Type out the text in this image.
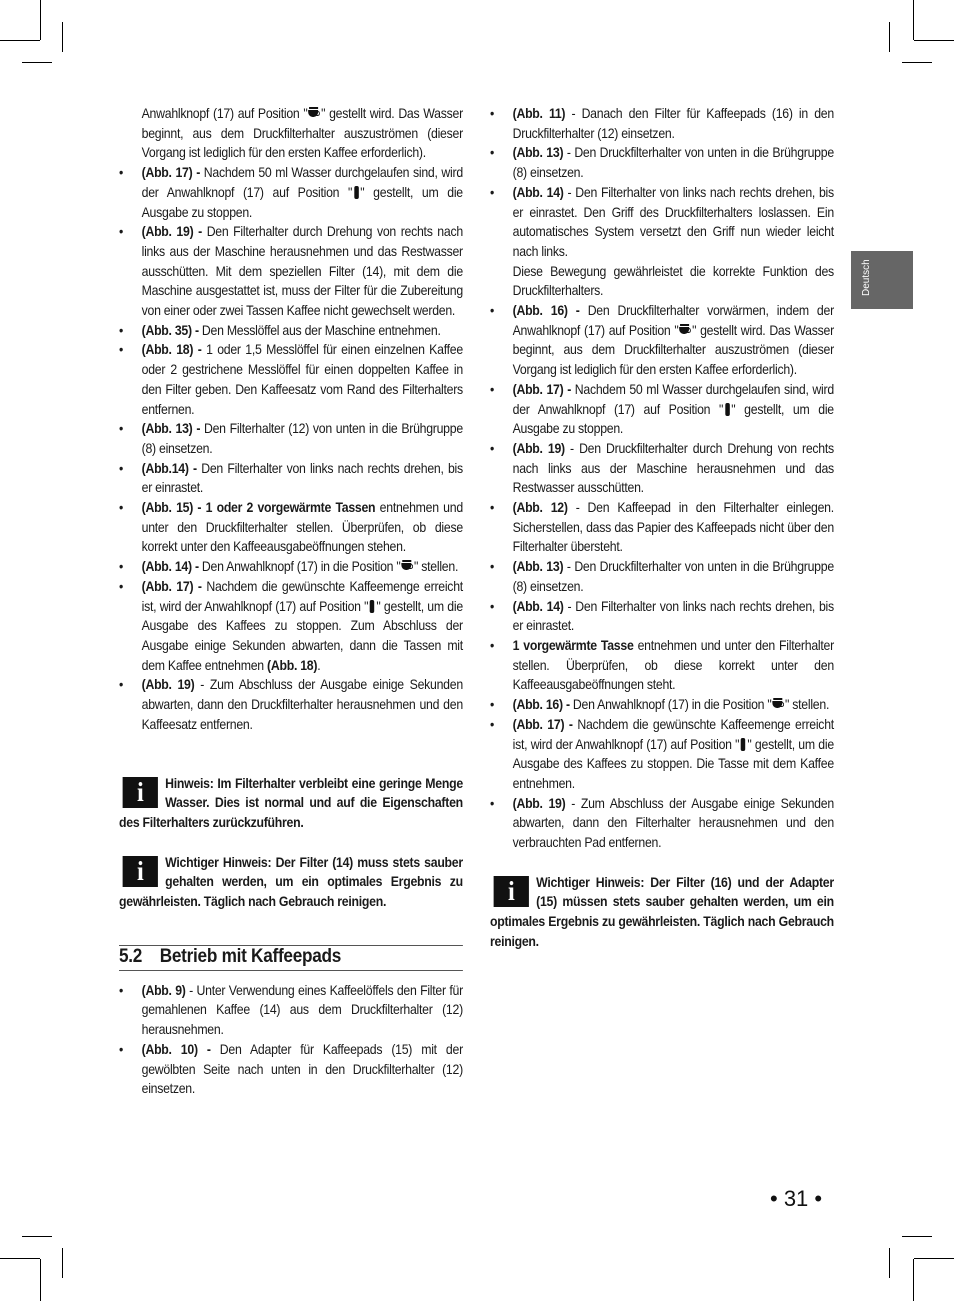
Deutsch
Anwahlknopf (17) auf Position " " gestellt wird. Das Wasser beginnt, aus dem Druckfilterhalter auszuströmen (dieser Vorgang ist lediglich für den ersten Kaffee erforderlich).
• (Abb. 17) - Nachdem 50 ml Wasser durchgelaufen sind, wird der Anwahlknopf (17) auf Position " " gestellt, um die Ausgabe zu stoppen.
• (Abb. 19) - Den Filterhalter durch Drehung von rechts nach links aus der Maschine herausnehmen und das Restwasser ausschütten. Mit dem speziellen Filter (14), mit dem die Maschine ausgestattet ist, muss der Filter für die Zubereitung von einer oder zwei Tassen Kaffee nicht gewechselt werden.
• (Abb. 35) - Den Messlöffel aus der Maschine entnehmen.
• (Abb. 18) - 1 oder 1,5 Messlöffel für einen einzelnen Kaffee oder 2 gestrichene Messlöffel für einen doppelten Kaffee in den Filter geben. Den Kaffeesatz vom Rand des Filterhalters entfernen.
• (Abb. 13) - Den Filterhalter (12) von unten in die Brühgruppe (8) einsetzen.
• (Abb.14) - Den Filterhalter von links nach rechts drehen, bis er einrastet.
• (Abb. 15) - 1 oder 2 vorgewärmte Tassen entnehmen und unter den Druckfilterhalter stellen. Überprüfen, ob diese korrekt unter den Kaffeeausgabeöffnungen stehen.
• (Abb. 14) - Den Anwahlknopf (17) in die Position " " stellen.
• (Abb. 17) - Nachdem die gewünschte Kaffeemenge erreicht ist, wird der Anwahlknopf (17) auf Position " " gestellt, um die Ausgabe des Kaffees zu stoppen. Zum Abschluss der Ausgabe einige Sekunden abwarten, dann die Tassen mit dem Kaffee entnehmen (Abb. 18).
• (Abb. 19) - Zum Abschluss der Ausgabe einige Sekunden abwarten, dann den Druckfilterhalter herausnehmen und den Kaffeesatz entfernen.
i	Hinweis: Im Filterhalter verbleibt eine geringe Menge Wasser. Dies ist normal und auf die Eigenschaften des Filterhalters zurückzuführen.
i	Wichtiger Hinweis: Der Filter (14) muss stets sauber gehalten werden, um ein optimales Ergebnis zu gewährleisten. Täglich nach Gebrauch reinigen.
5.2 Betrieb mit Kaffeepads
• (Abb. 9) - Unter Verwendung eines Kaffeelöffels den Filter für gemahlenen Kaffee (14) aus dem Druckfilterhalter (12) herausnehmen.
• (Abb. 10) - Den Adapter für Kaffeepads (15) mit der gewölbten Seite nach unten in den Druckfilterhalter (12) einsetzen.
• (Abb. 11) - Danach den Filter für Kaffeepads (16) in den Druckfilterhalter (12) einsetzen.
• (Abb. 13) - Den Druckfilterhalter von unten in die Brühgruppe (8) einsetzen.
• (Abb. 14) - Den Filterhalter von links nach rechts drehen, bis er einrastet. Den Griff des Druckfilterhalters loslassen. Ein automatisches System versetzt den Griff nun wieder leicht nach links.
Diese Bewegung gewährleistet die korrekte Funktion des Druckfilterhalters.
• (Abb. 16) - Den Druckfilterhalter vorwärmen, indem der Anwahlknopf (17) auf Position " " gestellt wird. Das Wasser beginnt, aus dem Druckfilterhalter auszuströmen (dieser Vorgang ist lediglich für den ersten Kaffee erforderlich).
• (Abb. 17) - Nachdem 50 ml Wasser durchgelaufen sind, wird der Anwahlknopf (17) auf Position " " gestellt, um die Ausgabe zu stoppen.
• (Abb. 19) - Den Druckfilterhalter durch Drehung von rechts nach links aus der Maschine herausnehmen und das Restwasser ausschütten.
• (Abb. 12) - Den Kaffeepad in den Filterhalter einlegen. Sicherstellen, dass das Papier des Kaffeepads nicht über den Filterhalter übersteht.
• (Abb. 13) - Den Druckfilterhalter von unten in die Brühgruppe (8) einsetzen.
• (Abb. 14) - Den Filterhalter von links nach rechts drehen, bis er einrastet.
• 1 vorgewärmte Tasse entnehmen und unter den Filterhalter stellen. Überprüfen, ob diese korrekt unter den Kaffeeausgabeöffnungen steht.
• (Abb. 16) - Den Anwahlknopf (17) in die Position " " stellen.
• (Abb. 17) - Nachdem die gewünschte Kaffeemenge erreicht ist, wird der Anwahlknopf (17) auf Position " " gestellt, um die Ausgabe des Kaffees zu stoppen. Die Tasse mit dem Kaffee entnehmen.
• (Abb. 19) - Zum Abschluss der Ausgabe einige Sekunden abwarten, dann den Filterhalter herausnehmen und den verbrauchten Pad entfernen.
i	Wichtiger Hinweis: Der Filter (16) und der Adapter (15) müssen stets sauber gehalten werden, um ein optimales Ergebnis zu gewährleisten. Täglich nach Gebrauch reinigen.
• 31 •
